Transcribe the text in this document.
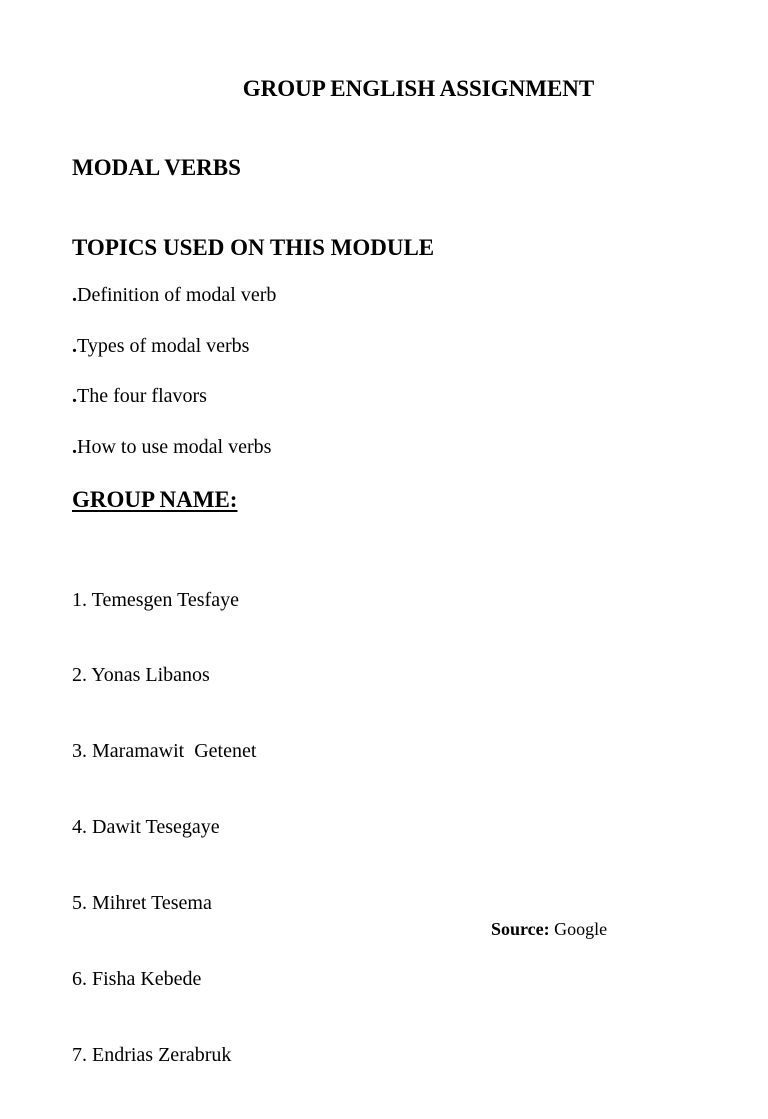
GROUP ENGLISH ASSIGNMENT
MODAL VERBS
TOPICS USED ON THIS MODULE
.Definition of modal verb
.Types of modal verbs
.The four flavors
.How to use modal verbs
GROUP NAME:

1. Temesgen Tesfaye

2. Yonas Libanos

3. Maramawit  Getenet

4. Dawit Tesegaye

5. Mihret Tesema

6. Fisha Kebede

7. Endrias Zerabruk

Source: Google
